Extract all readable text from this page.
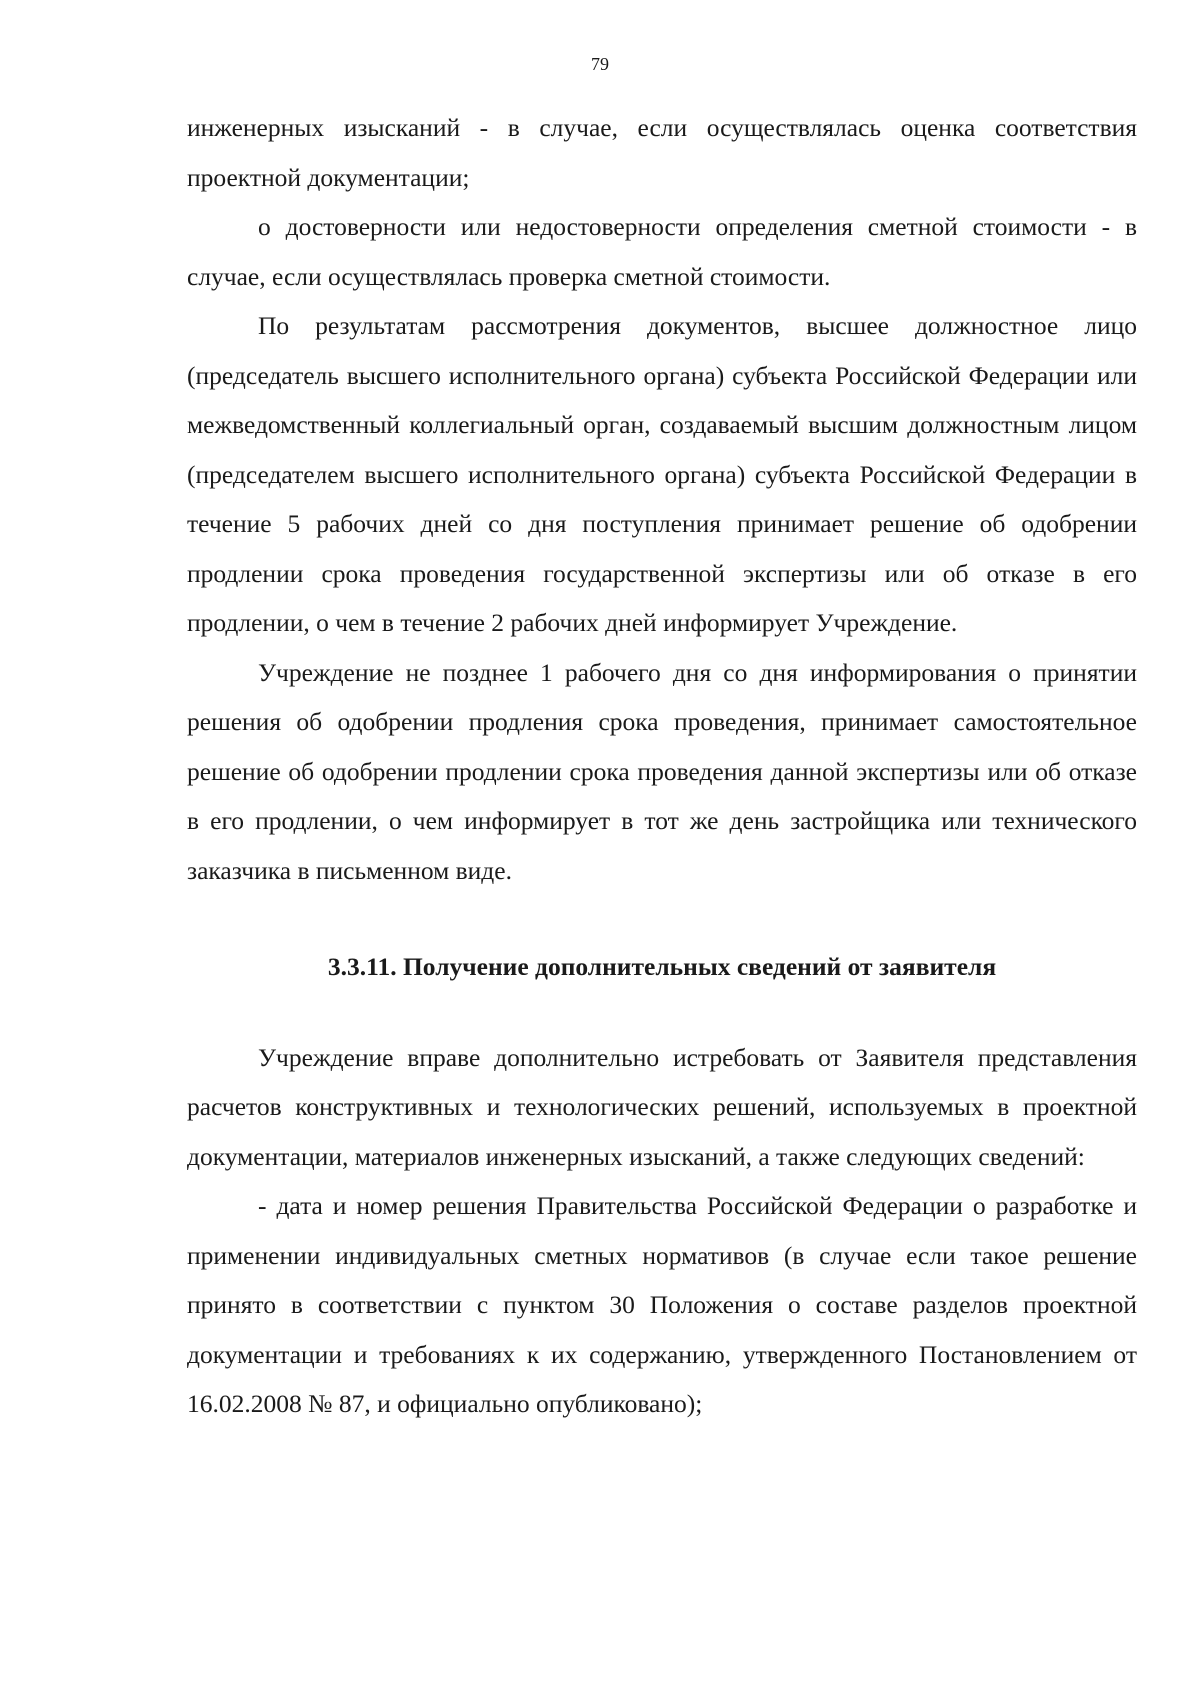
79

инженерных изысканий - в случае, если осуществлялась оценка соответствия проектной документации;

о достоверности или недостоверности определения сметной стоимости - в случае, если осуществлялась проверка сметной стоимости.

По результатам рассмотрения документов, высшее должностное лицо (председатель высшего исполнительного органа) субъекта Российской Федерации или межведомственный коллегиальный орган, создаваемый высшим должностным лицом (председателем высшего исполнительного органа) субъекта Российской Федерации в течение 5 рабочих дней со дня поступления принимает решение об одобрении продлении срока проведения государственной экспертизы или об отказе в его продлении, о чем в течение 2 рабочих дней информирует Учреждение.

Учреждение не позднее 1 рабочего дня со дня информирования о принятии решения об одобрении продления срока проведения, принимает самостоятельное решение об одобрении продлении срока проведения данной экспертизы или об отказе в его продлении, о чем информирует в тот же день застройщика или технического заказчика в письменном виде.

3.3.11. Получение дополнительных сведений от заявителя

Учреждение вправе дополнительно истребовать от Заявителя представления расчетов конструктивных и технологических решений, используемых в проектной документации, материалов инженерных изысканий, а также следующих сведений:

- дата и номер решения Правительства Российской Федерации о разработке и применении индивидуальных сметных нормативов (в случае если такое решение принято в соответствии с пунктом 30 Положения о составе разделов проектной документации и требованиях к их содержанию, утвержденного Постановлением от 16.02.2008 № 87, и официально опубликовано);
